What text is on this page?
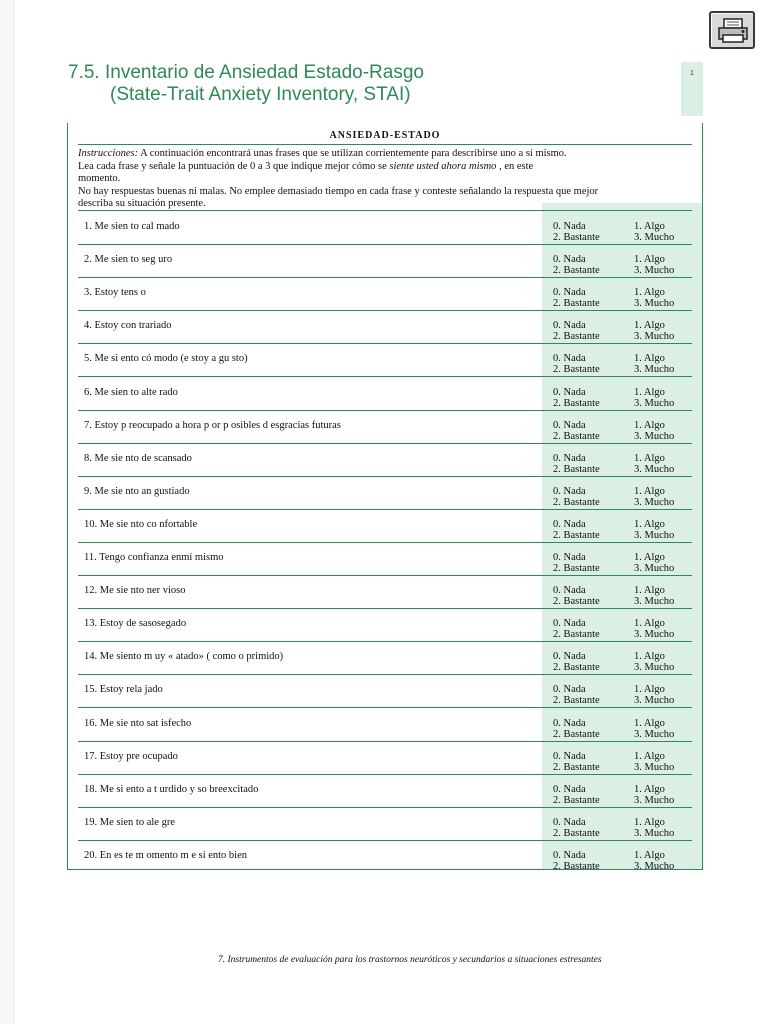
7.5. Inventario de Ansiedad Estado-Rasgo
(State-Trait Anxiety Inventory, STAI)
1
ANSIEDAD-ESTADO
Instrucciones: A continuación encontrará unas frases que se utilizan corrientemente para describirse uno a sí mismo.
Lea cada frase y señale la puntuación de 0 a 3 que indique mejor cómo se siente usted ahora mismo , en este
momento.
No hay respuestas buenas ni malas. No emplee demasiado tiempo en cada frase y conteste señalando la respuesta que mejor
describa su situación presente.
1. Me sien to cal mado	0. Nada	1. Algo
2. Bastante	3. Mucho
2. Me sien to seg uro	0. Nada	1. Algo
2. Bastante	3. Mucho
3. Estoy tens o	0. Nada	1. Algo
2. Bastante	3. Mucho
4. Estoy con trariado	0. Nada	1. Algo
2. Bastante	3. Mucho
5. Me si ento có modo (e stoy a gu sto)	0. Nada	1. Algo
2. Bastante	3. Mucho
6. Me sien to alte rado	0. Nada	1. Algo
2. Bastante	3. Mucho
7. Estoy p reocupado a hora p or p osibles d esgracias futuras	0. Nada	1. Algo
2. Bastante	3. Mucho
8. Me sie nto de scansado	0. Nada	1. Algo
2. Bastante	3. Mucho
9. Me sie nto an gustiado	0. Nada	1. Algo
2. Bastante	3. Mucho
10. Me sie nto co nfortable	0. Nada	1. Algo
2. Bastante	3. Mucho
11. Tengo confianza enmí mismo	0. Nada	1. Algo
2. Bastante	3. Mucho
12. Me sie nto ner vioso	0. Nada	1. Algo
2. Bastante	3. Mucho
13. Estoy de sasosegado	0. Nada	1. Algo
2. Bastante	3. Mucho
14. Me siento m uy « atado» ( como o primido)	0. Nada	1. Algo
2. Bastante	3. Mucho
15. Estoy rela jado	0. Nada	1. Algo
2. Bastante	3. Mucho
16. Me sie nto sat isfecho	0. Nada	1. Algo
2. Bastante	3. Mucho
17. Estoy pre ocupado	0. Nada	1. Algo
2. Bastante	3. Mucho
18. Me si ento a t urdido y so breexcitado	0. Nada	1. Algo
2. Bastante	3. Mucho
19. Me sien to ale gre	0. Nada	1. Algo
2. Bastante	3. Mucho
20. En es te m omento m e si ento bien	0. Nada	1. Algo
2. Bastante	3. Mucho
7. Instrumentos de evaluación para los trastornos neuróticos y secundarios a situaciones estresantes
